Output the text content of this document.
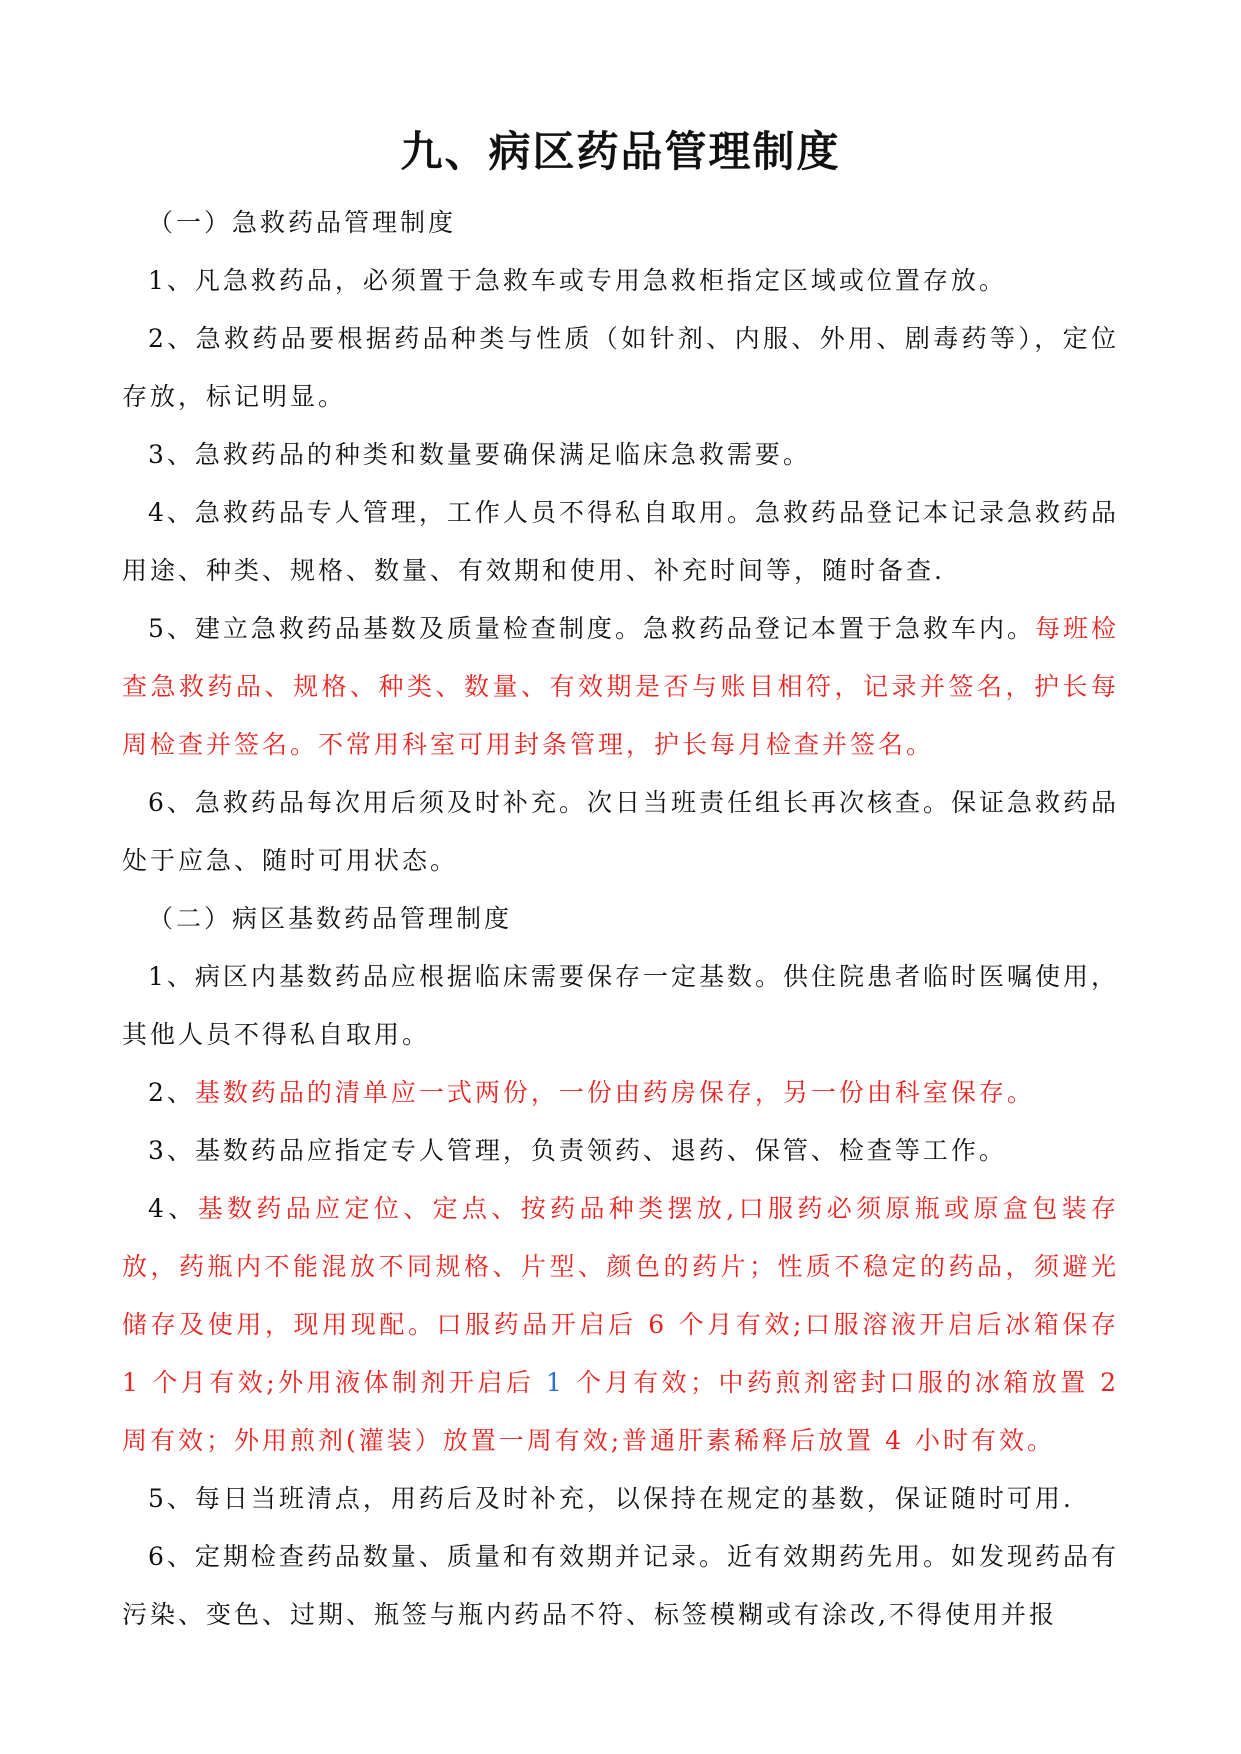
九、病区药品管理制度

（一）急救药品管理制度

1、凡急救药品，必须置于急救车或专用急救柜指定区域或位置存放。

2、急救药品要根据药品种类与性质（如针剂、内服、外用、剧毒药等），定位存放，标记明显。

3、急救药品的种类和数量要确保满足临床急救需要。

4、急救药品专人管理，工作人员不得私自取用。急救药品登记本记录急救药品用途、种类、规格、数量、有效期和使用、补充时间等，随时备查.

5、建立急救药品基数及质量检查制度。急救药品登记本置于急救车内。每班检查急救药品、规格、种类、数量、有效期是否与账目相符，记录并签名，护长每周检查并签名。不常用科室可用封条管理，护长每月检查并签名。

6、急救药品每次用后须及时补充。次日当班责任组长再次核查。保证急救药品处于应急、随时可用状态。

（二）病区基数药品管理制度

1、病区内基数药品应根据临床需要保存一定基数。供住院患者临时医嘱使用，其他人员不得私自取用。

2、基数药品的清单应一式两份，一份由药房保存，另一份由科室保存。

3、基数药品应指定专人管理，负责领药、退药、保管、检查等工作。

4、基数药品应定位、定点、按药品种类摆放,口服药必须原瓶或原盒包装存放，药瓶内不能混放不同规格、片型、颜色的药片；性质不稳定的药品，须避光储存及使用，现用现配。口服药品开启后 6 个月有效;口服溶液开启后冰箱保存 1 个月有效;外用液体制剂开启后 1 个月有效；中药煎剂密封口服的冰箱放置 2 周有效；外用煎剂(灌装）放置一周有效;普通肝素稀释后放置 4 小时有效。

5、每日当班清点，用药后及时补充，以保持在规定的基数，保证随时可用.

6、定期检查药品数量、质量和有效期并记录。近有效期药先用。如发现药品有污染、变色、过期、瓶签与瓶内药品不符、标签模糊或有涂改,不得使用并报
